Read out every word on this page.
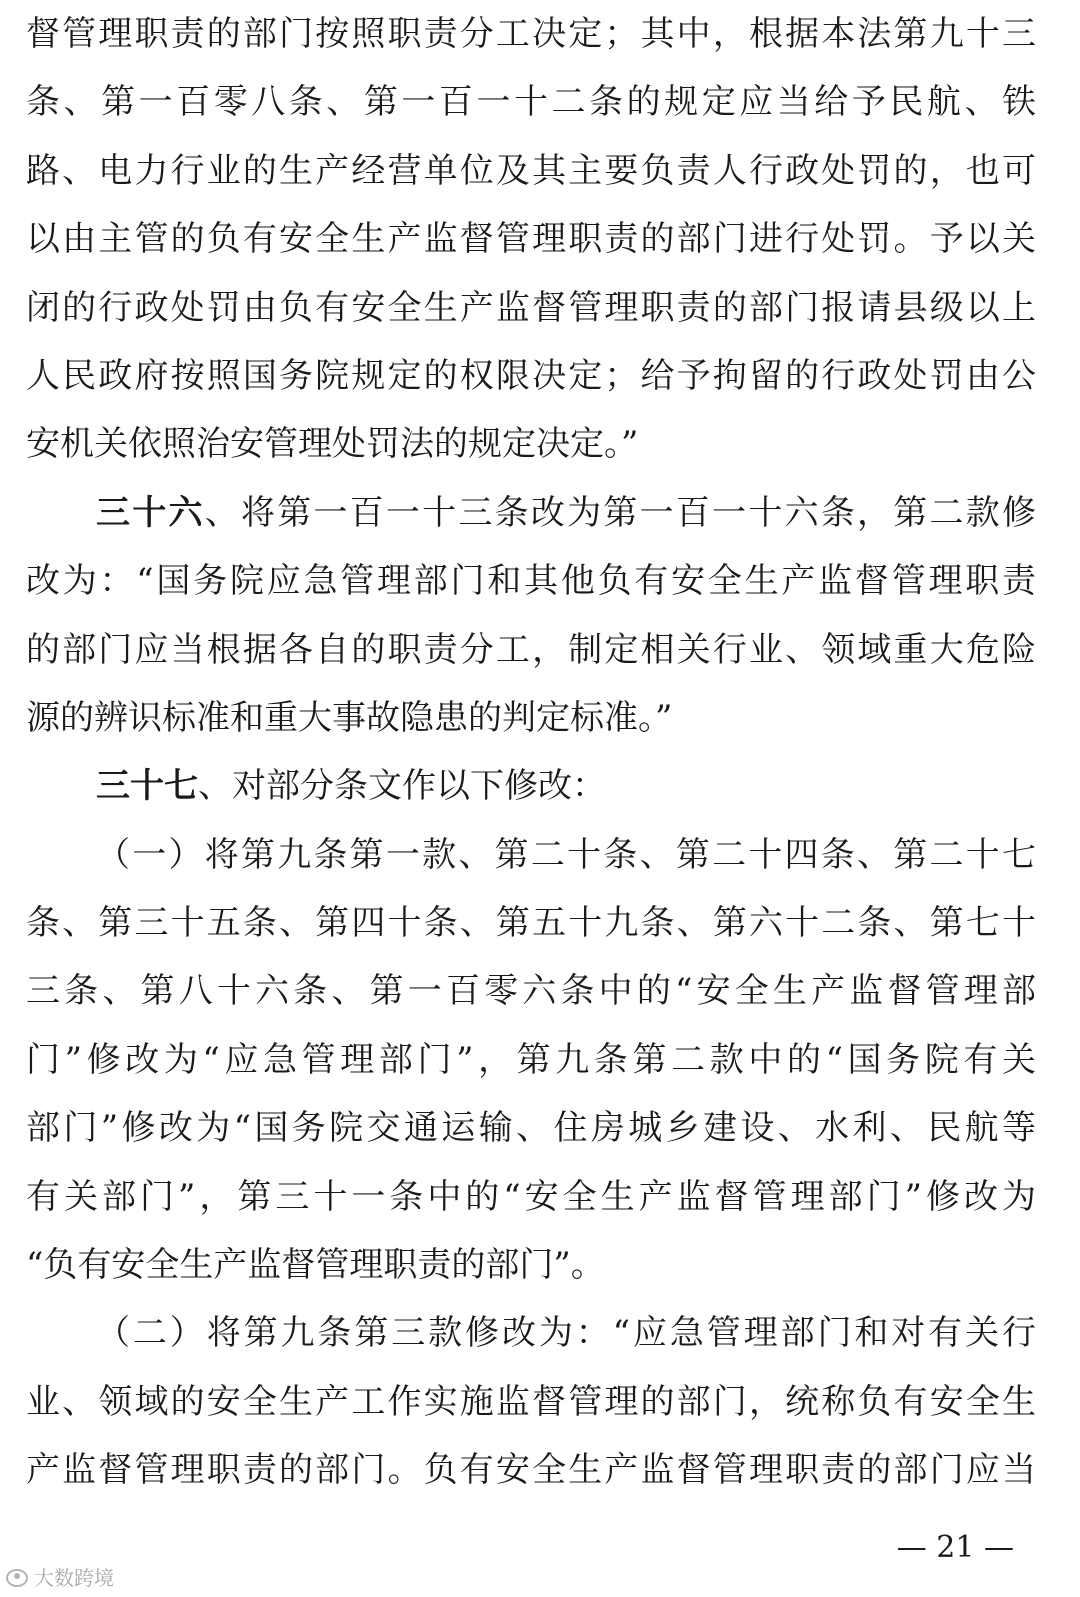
督管理职责的部门按照职责分工决定；其中，根据本法第九十三
条、第一百零八条、第一百一十二条的规定应当给予民航、铁
路、电力行业的生产经营单位及其主要负责人行政处罚的，也可
以由主管的负有安全生产监督管理职责的部门进行处罚。予以关
闭的行政处罚由负有安全生产监督管理职责的部门报请县级以上
人民政府按照国务院规定的权限决定；给予拘留的行政处罚由公
安机关依照治安管理处罚法的规定决定。”
三十六、将第一百一十三条改为第一百一十六条，第二款修
改为：“国务院应急管理部门和其他负有安全生产监督管理职责
的部门应当根据各自的职责分工，制定相关行业、领域重大危险
源的辨识标准和重大事故隐患的判定标准。”
三十七、对部分条文作以下修改：
（一）将第九条第一款、第二十条、第二十四条、第二十七
条、第三十五条、第四十条、第五十九条、第六十二条、第七十
三条、第八十六条、第一百零六条中的“安全生产监督管理部
门”修改为“应急管理部门”，第九条第二款中的“国务院有关
部门”修改为“国务院交通运输、住房城乡建设、水利、民航等
有关部门”，第三十一条中的“安全生产监督管理部门”修改为
“负有安全生产监督管理职责的部门”。
（二）将第九条第三款修改为：“应急管理部门和对有关行
业、领域的安全生产工作实施监督管理的部门，统称负有安全生
产监督管理职责的部门。负有安全生产监督管理职责的部门应当
— 21 —
大数跨境
